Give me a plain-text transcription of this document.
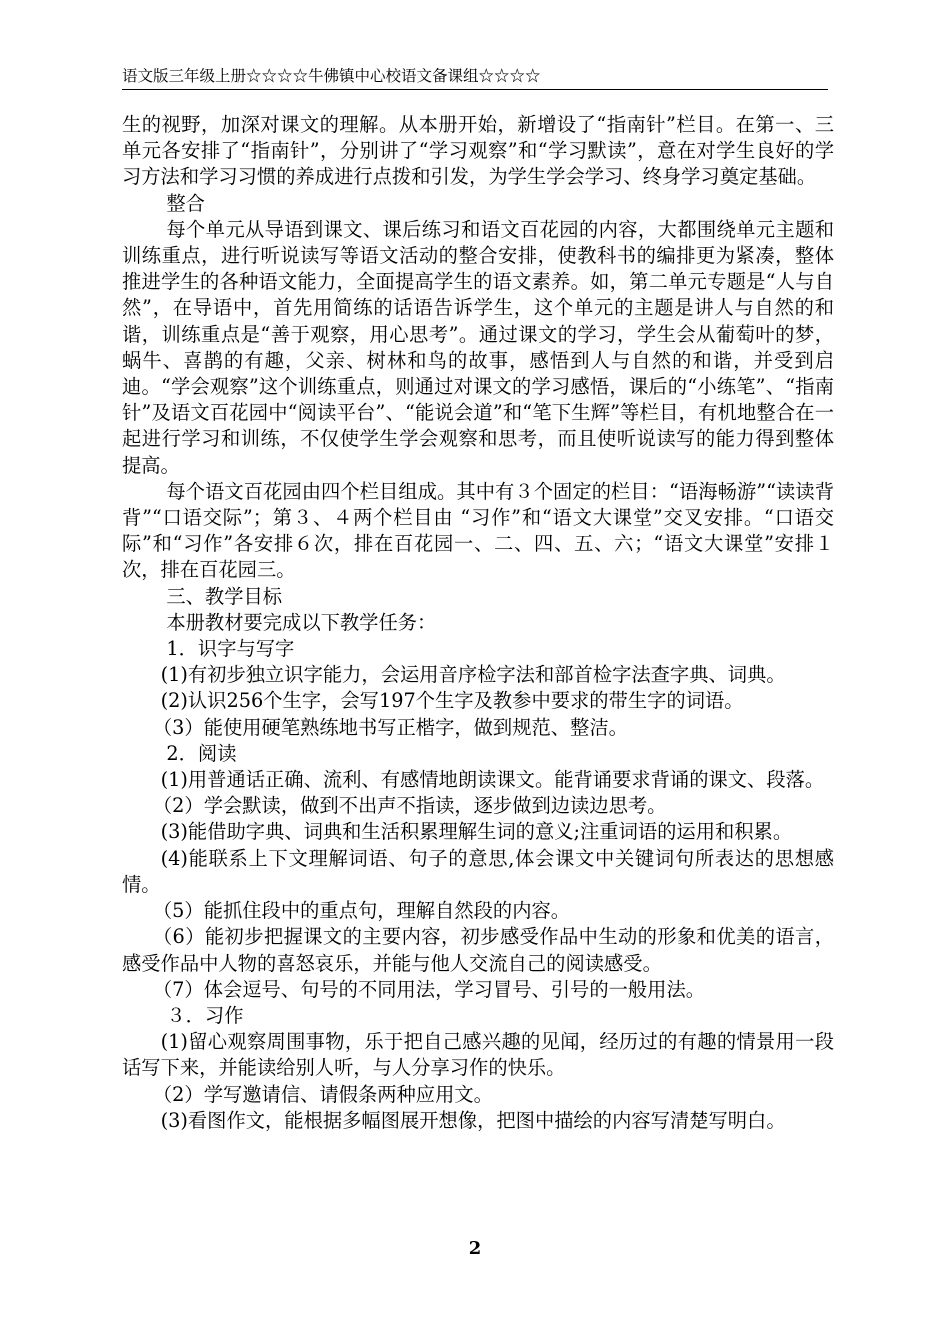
语文版三年级上册☆☆☆☆牛佛镇中心校语文备课组☆☆☆☆

生的视野，加深对课文的理解。从本册开始，新增设了“指南针”栏目。在第一、三单元各安排了“指南针”，分别讲了“学习观察”和“学习默读”，意在对学生良好的学习方法和学习习惯的养成进行点拨和引发，为学生学会学习、终身学习奠定基础。

整合

每个单元从导语到课文、课后练习和语文百花园的内容，大都围绕单元主题和训练重点，进行听说读写等语文活动的整合安排，使教科书的编排更为紧凑，整体推进学生的各种语文能力，全面提高学生的语文素养。如，第二单元专题是“人与自然”，在导语中，首先用简练的话语告诉学生，这个单元的主题是讲人与自然的和谐，训练重点是“善于观察，用心思考”。通过课文的学习，学生会从葡萄叶的梦，蜗牛、喜鹊的有趣，父亲、树林和鸟的故事，感悟到人与自然的和谐，并受到启迪。“学会观察”这个训练重点，则通过对课文的学习感悟，课后的“小练笔”、“指南针”及语文百花园中“阅读平台”、“能说会道”和“笔下生辉”等栏目，有机地整合在一起进行学习和训练，不仅使学生学会观察和思考，而且使听说读写的能力得到整体提高。

每个语文百花园由四个栏目组成。其中有３个固定的栏目：“语海畅游”“读读背背”“口语交际”；第３、４两个栏目由 “习作”和“语文大课堂”交叉安排。“口语交际”和“习作”各安排６次，排在百花园一、二、四、五、六；“语文大课堂”安排１次，排在百花园三。

三、教学目标

本册教材要完成以下教学任务：

1．识字与写字

(1)有初步独立识字能力，会运用音序检字法和部首检字法查字典、词典。

(2)认识256个生字，会写197个生字及教参中要求的带生字的词语。

（3）能使用硬笔熟练地书写正楷字，做到规范、整洁。

2．阅读

(1)用普通话正确、流利、有感情地朗读课文。能背诵要求背诵的课文、段落。

（2）学会默读，做到不出声不指读，逐步做到边读边思考。

(3)能借助字典、词典和生活积累理解生词的意义;注重词语的运用和积累。

(4)能联系上下文理解词语、句子的意思,体会课文中关键词句所表达的思想感情。

（5）能抓住段中的重点句，理解自然段的内容。

（6）能初步把握课文的主要内容，初步感受作品中生动的形象和优美的语言，感受作品中人物的喜怒哀乐，并能与他人交流自己的阅读感受。

（7）体会逗号、句号的不同用法，学习冒号、引号的一般用法。

３．习作

(1)留心观察周围事物，乐于把自己感兴趣的见闻，经历过的有趣的情景用一段话写下来，并能读给别人听，与人分享习作的快乐。

（2）学写邀请信、请假条两种应用文。

(3)看图作文，能根据多幅图展开想像，把图中描绘的内容写清楚写明白。

2
